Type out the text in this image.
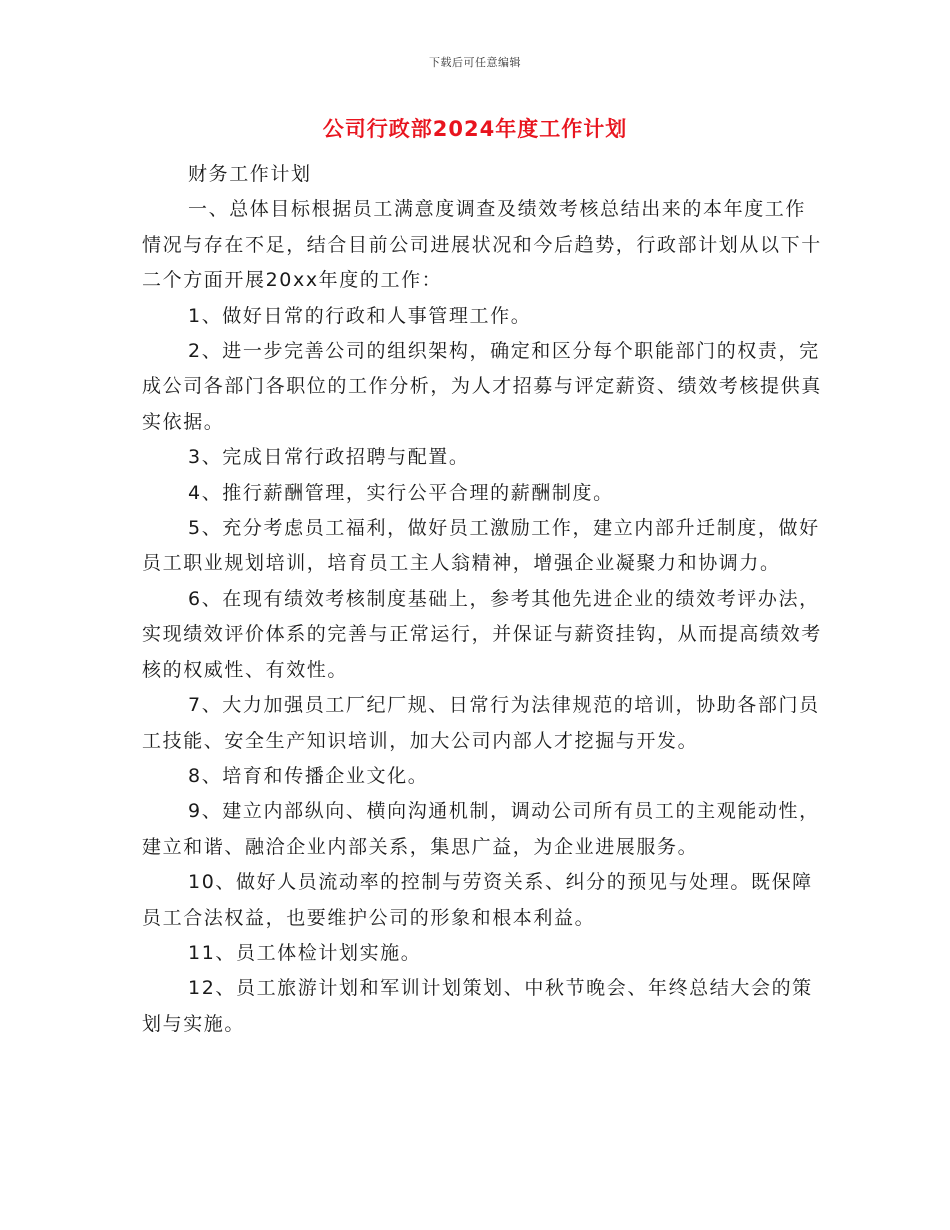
下载后可任意编辑
公司行政部2024年度工作计划

财务工作计划

一、总体目标根据员工满意度调查及绩效考核总结出来的本年度工作情况与存在不足，结合目前公司进展状况和今后趋势，行政部计划从以下十二个方面开展20xx年度的工作：

1、做好日常的行政和人事管理工作。

2、进一步完善公司的组织架构，确定和区分每个职能部门的权责，完成公司各部门各职位的工作分析，为人才招募与评定薪资、绩效考核提供真实依据。

3、完成日常行政招聘与配置。

4、推行薪酬管理，实行公平合理的薪酬制度。

5、充分考虑员工福利，做好员工激励工作，建立内部升迁制度，做好员工职业规划培训，培育员工主人翁精神，增强企业凝聚力和协调力。

6、在现有绩效考核制度基础上，参考其他先进企业的绩效考评办法，实现绩效评价体系的完善与正常运行，并保证与薪资挂钩，从而提高绩效考核的权威性、有效性。

7、大力加强员工厂纪厂规、日常行为法律规范的培训，协助各部门员工技能、安全生产知识培训，加大公司内部人才挖掘与开发。

8、培育和传播企业文化。

9、建立内部纵向、横向沟通机制，调动公司所有员工的主观能动性，建立和谐、融洽企业内部关系，集思广益，为企业进展服务。

10、做好人员流动率的控制与劳资关系、纠分的预见与处理。既保障员工合法权益，也要维护公司的形象和根本利益。

11、员工体检计划实施。

12、员工旅游计划和军训计划策划、中秋节晚会、年终总结大会的策划与实施。
